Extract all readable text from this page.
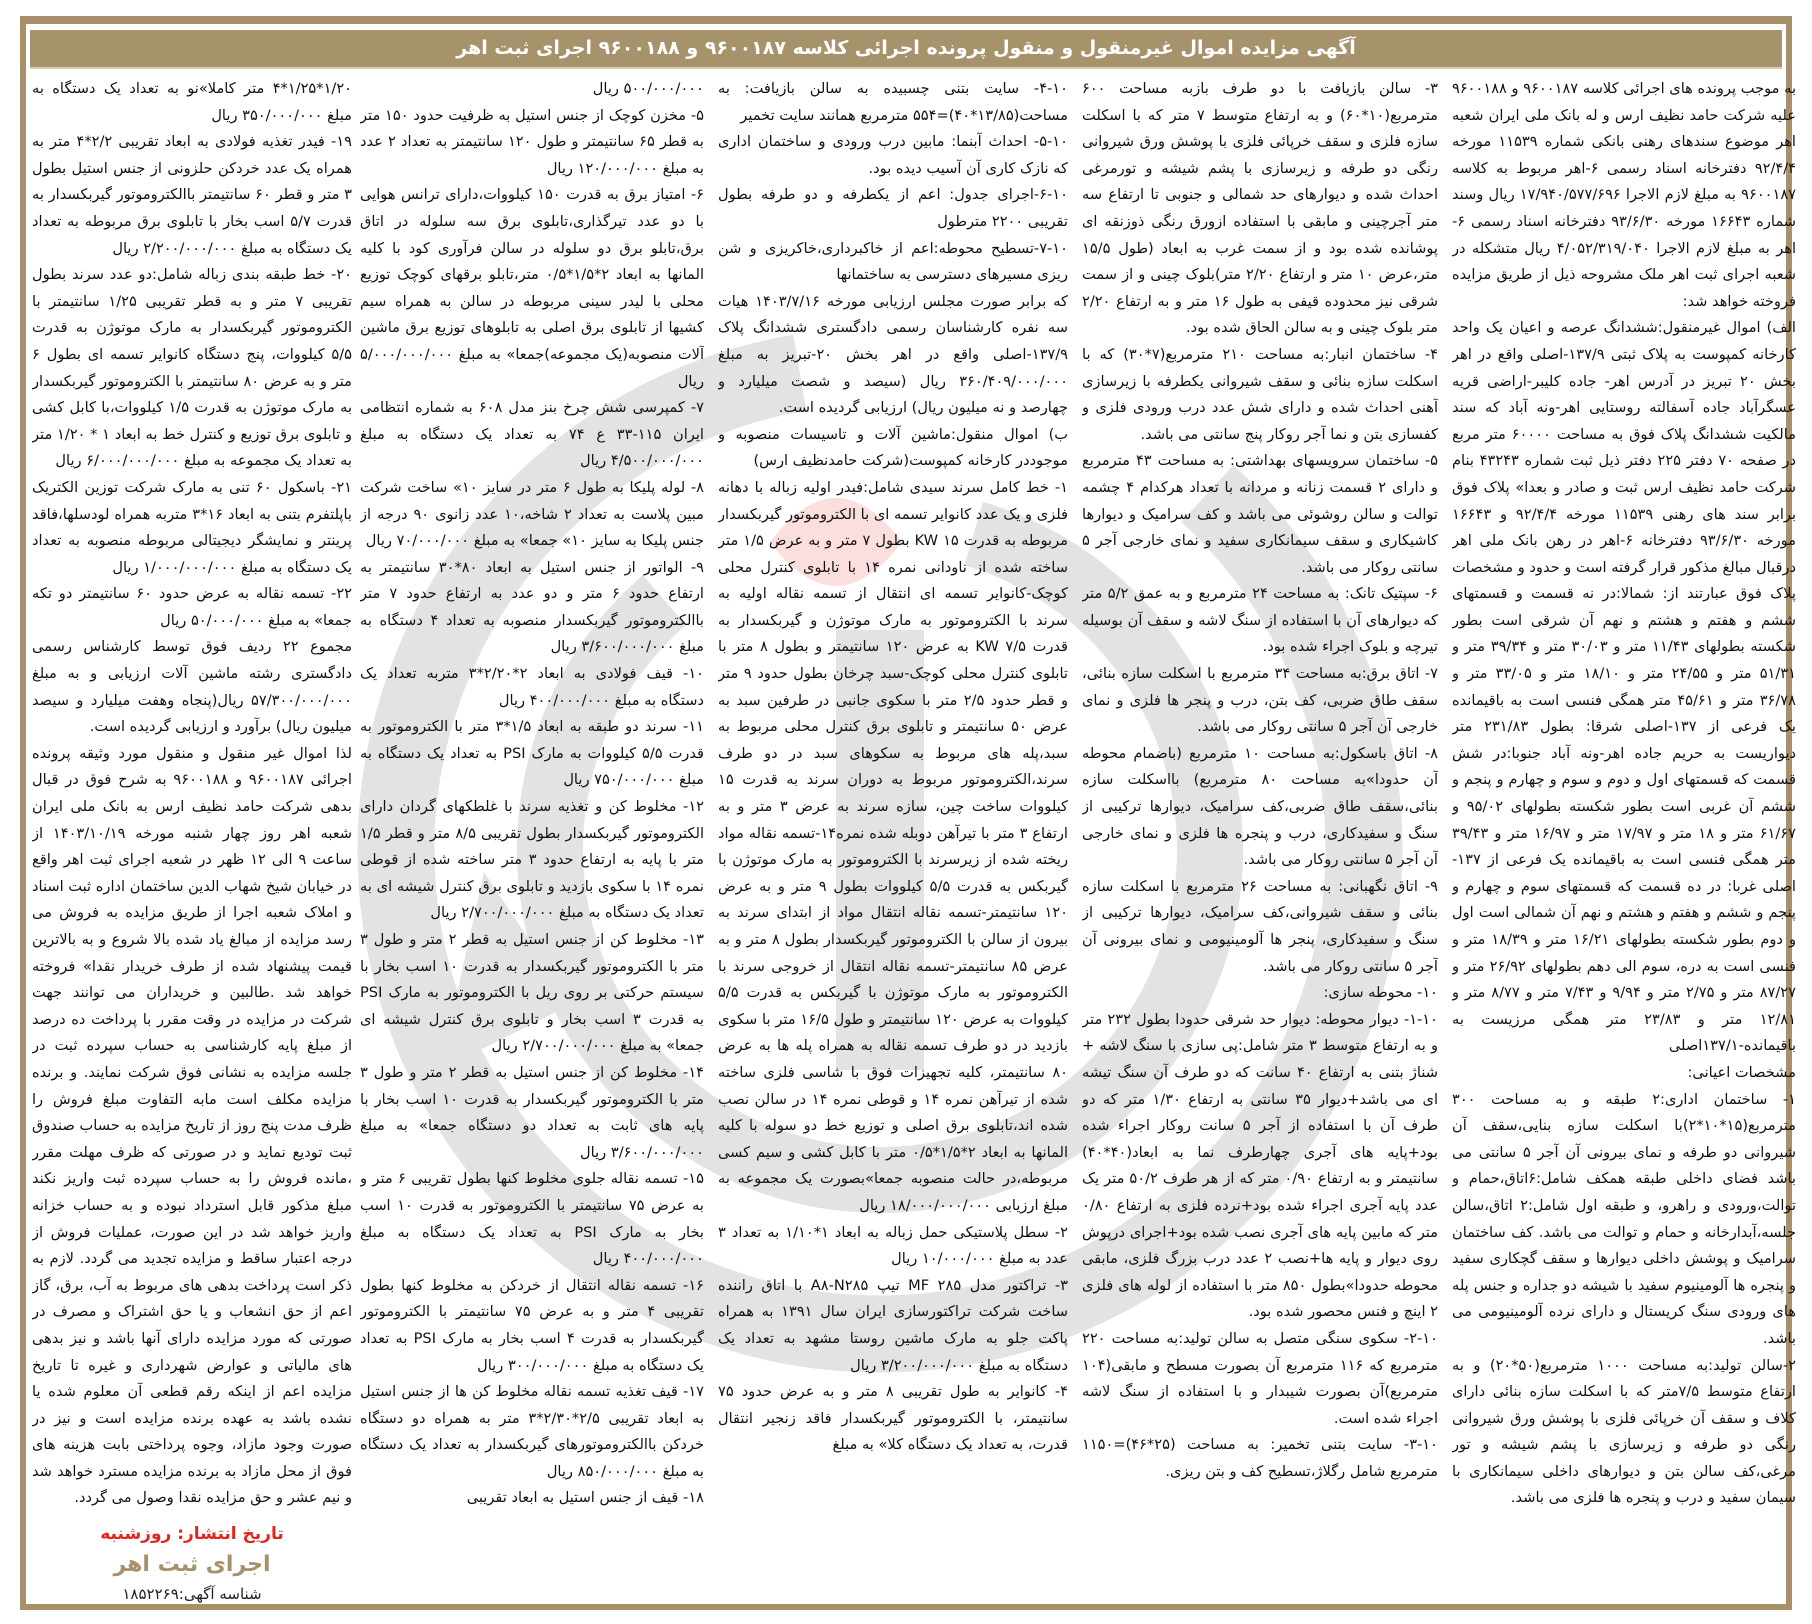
آگهی مزایده اموال غیرمنقول و منقول پرونده اجرائی کلاسه ۹۶۰۰۱۸۷ و ۹۶۰۰۱۸۸ اجرای ثبت اهر

به موجب پرونده های اجرائی کلاسه ۹۶۰۰۱۸۷ و ۹۶۰۰۱۸۸ علیه شرکت حامد نظیف ارس و له بانک ملی ایران شعبه اهر موضوع سندهای رهنی بانکی شماره ۱۱۵۳۹ مورخه ۹۲/۴/۴ دفترخانه اسناد رسمی ۶-اهر مربوط به کلاسه ۹۶۰۰۱۸۷ به مبلغ لازم الاجرا ۱۷/۹۴۰/۵۷۷/۶۹۶ ریال وسند شماره ۱۶۶۴۳ مورخه ۹۳/۶/۳۰ دفترخانه اسناد رسمی ۶-اهر به مبلغ لازم الاجرا ۴/۰۵۲/۳۱۹/۰۴۰ ریال متشکله در شعبه اجرای ثبت اهر ملک مشروحه ذیل از طریق مزایده فروخته خواهد شد:

الف) اموال غیرمنقول:ششدانگ عرصه و اعیان یک واحد کارخانه کمپوست به پلاک ثبتی ۱۳۷/۹-اصلی واقع در اهر بخش ۲۰ تبریز در آدرس اهر- جاده کلیبر-اراضی قریه عسگرآباد جاده آسفالته روستایی اهر-ونه آباد که سند مالکیت ششدانگ پلاک فوق به مساحت ۶۰۰۰۰ متر مربع در صفحه ۷۰ دفتر ۲۲۵ دفتر ذیل ثبت شماره ۴۳۲۴۳ بنام شرکت حامد نظیف ارس ثبت و صادر و بعدا» پلاک فوق برابر سند های رهنی ۱۱۵۳۹ مورخه ۹۲/۴/۴ و ۱۶۶۴۳ مورخه ۹۳/۶/۳۰ دفترخانه ۶-اهر در رهن بانک ملی اهر درقبال مبالغ مذکور قرار گرفته است و حدود و مشخصات پلاک فوق عبارتند از: شمالا:در نه قسمت و قسمتهای ششم و هفتم و هشتم و نهم آن شرقی است بطور شکسته بطولهای ۱۱/۴۳ متر و ۳۰/۰۳ متر و ۳۹/۳۴ متر و ۵۱/۳۱ متر و ۲۴/۵۵ متر و ۱۸/۱۰ متر و ۳۳/۰۵ متر و ۳۶/۷۸ متر و ۴۵/۶۱ متر همگی فنسی است به باقیمانده یک فرعی از ۱۳۷-اصلی شرقا: بطول ۲۳۱/۸۳ متر دیواریست به حریم جاده اهر-ونه آباد جنوبا:در شش قسمت که قسمتهای اول و دوم و سوم و چهارم و پنجم و ششم آن غربی است بطور شکسته بطولهای ۹۵/۰۲ و ۶۱/۶۷ متر و ۱۸ متر و ۱۷/۹۷ متر و ۱۶/۹۷ متر و ۳۹/۴۳ متر همگی فنسی است به باقیمانده یک فرعی از ۱۳۷-اصلی غربا: در ده قسمت که قسمتهای سوم و چهارم و پنجم و ششم و هفتم و هشتم و نهم آن شمالی است اول و دوم بطور شکسته بطولهای ۱۶/۲۱ متر و ۱۸/۳۹ متر و فنسی است به دره، سوم الی دهم بطولهای ۲۶/۹۲ متر و ۸۷/۲۷ متر و ۲/۷۵ متر و ۹/۹۴ و ۷/۴۳ متر و ۸/۷۷ متر و ۱۲/۸۱ متر و ۲۳/۸۳ متر همگی مرزیست به باقیمانده-۱۳۷/۱اصلی

مشخصات اعیانی:

۱- ساختمان اداری:۲ طبقه و به مساحت ۳۰۰ مترمربع(۱۵*۱۰*۲)با اسکلت سازه بنایی،سقف آن شیروانی دو طرفه و نمای بیرونی آن آجر ۵ سانتی می باشد فضای داخلی طبقه همکف شامل:۶اتاق،حمام و توالت،ورودی و راهرو، و طبقه اول شامل:۲ اتاق،سالن جلسه،آبدارخانه و حمام و توالت می باشد. کف ساختمان سرامیک و پوشش داخلی دیوارها و سقف گچکاری سفید و پنجره ها آلومینیوم سفید با شیشه دو جداره و جنس پله های ورودی سنگ کریستال و دارای نرده آلومینیومی می باشد.

۲-سالن تولید:به مساحت ۱۰۰۰ مترمربع(۵۰*۲۰) و به ارتفاع متوسط ۷/۵متر که با اسکلت سازه بنائی دارای کلاف و سقف آن خرپائی فلزی با پوشش ورق شیروانی رنگی دو طرفه و زیرسازی با پشم شیشه و تور مرغی،کف سالن بتن و دیوارهای داخلی سیمانکاری با سیمان سفید و درب و پنجره ها فلزی می باشد.

۳- سالن بازیافت با دو طرف بازبه مساحت ۶۰۰ مترمربع(۱۰*۶۰) و به ارتفاع متوسط ۷ متر که با اسکلت سازه فلزی و سقف خرپائی فلزی با پوشش ورق شیروانی رنگی دو طرفه و زیرسازی با پشم شیشه و تورمرغی احداث شده و دیوارهای حد شمالی و جنوبی تا ارتفاع سه متر آجرچینی و مابقی با استفاده ازورق رنگی ذوزنقه ای پوشانده شده بود و از سمت غرب به ابعاد (طول ۱۵/۵ متر،عرض ۱۰ متر و ارتفاع ۲/۲۰ متر)بلوک چینی و از سمت شرقی نیز محدوده قیفی به طول ۱۶ متر و به ارتفاع ۲/۲۰ متر بلوک چینی و به سالن الحاق شده بود.

۴- ساختمان انبار:به مساحت ۲۱۰ مترمربع(۷*۳۰) که با اسکلت سازه بنائی و سقف شیروانی یکطرفه با زیرسازی آهنی احداث شده و دارای شش عدد درب ورودی فلزی و کفسازی بتن و نما آجر روکار پنج سانتی می باشد.

۵- ساختمان سرویسهای بهداشتی: به مساحت ۴۳ مترمربع و دارای ۲ قسمت زنانه و مردانه با تعداد هرکدام ۴ چشمه توالت و سالن روشوئی می باشد و کف سرامیک و دیوارها کاشیکاری و سقف سیمانکاری سفید و نمای خارجی آجر ۵ سانتی روکار می باشد.

۶- سپتیک تانک: به مساحت ۲۴ مترمربع و به عمق ۵/۲ متر که دیوارهای آن با استفاده از سنگ لاشه و سقف آن بوسیله تیرچه و بلوک اجراء شده بود.

۷- اتاق برق:به مساحت ۳۴ مترمربع با اسکلت سازه بنائی، سقف طاق ضربی، کف بتن، درب و پنجر ها فلزی و نمای خارجی آن آجر ۵ سانتی روکار می باشد.

۸- اتاق باسکول:به مساحت ۱۰ مترمربع (باضمام محوطه آن حدودا»به مساحت ۸۰ مترمربع) بااسکلت سازه بنائی،سقف طاق ضربی،کف سرامیک، دیوارها ترکیبی از سنگ و سفیدکاری، درب و پنجره ها فلزی و نمای خارجی آن آجر ۵ سانتی روکار می باشد.

۹- اتاق نگهبانی: به مساحت ۲۶ مترمربع با اسکلت سازه بنائی و سقف شیروانی،کف سرامیک، دیوارها ترکیبی از سنگ و سفیدکاری، پنجر ها آلومینیومی و نمای بیرونی آن آجر ۵ سانتی روکار می باشد.

۱۰- محوطه سازی:

۱-۱۰- دیوار محوطه: دیوار حد شرقی حدودا بطول ۲۳۲ متر و به ارتفاع متوسط ۳ متر شامل:پی سازی با سنگ لاشه + شناژ بتنی به ارتفاع ۴۰ سانت که دو طرف آن سنگ تیشه ای می باشد+دیوار ۳۵ سانتی به ارتفاع ۱/۳۰ متر که دو طرف آن با استفاده از آجر ۵ سانت روکار اجراء شده بود+پایه های آجری چهارطرف نما به ابعاد(۴۰*۴۰) سانتیمتر و به ارتفاع ۰/۹۰ متر که از هر طرف ۵۰/۲ متر یک عدد پایه آجری اجراء شده بود+نرده فلزی به ارتفاع ۰/۸۰ متر که مابین پایه های آجری نصب شده بود+اجرای درپوش روی دیوار و پایه ها+نصب ۲ عدد درب بزرگ فلزی، مابقی محوطه حدودا»بطول ۸۵۰ متر با استفاده از لوله های فلزی ۲ اینچ و فنس محصور شده بود.

۲-۱۰- سکوی سنگی متصل به سالن تولید:به مساحت ۲۲۰ مترمربع که ۱۱۶ مترمربع آن بصورت مسطح و مابقی(۱۰۴ مترمربع)آن بصورت شیبدار و با استفاده از سنگ لاشه اجراء شده است.

۳-۱۰- سایت بتنی تخمیر: به مساحت (۲۵*۴۶)=۱۱۵۰ مترمربع شامل رگلاژ،تسطیح کف و بتن ریزی.

۴-۱۰- سایت بتنی چسبیده به سالن بازیافت: به مساحت(۱۳/۸۵*۴۰)=۵۵۴ مترمربع همانند سایت تخمیر

۵-۱۰- احداث آبنما: مابین درب ورودی و ساختمان اداری که نازک کاری آن آسیب دیده بود.

۶-۱۰-اجرای جدول: اعم از یکطرفه و دو طرفه بطول تقریبی ۲۲۰۰ مترطول

۷-۱۰-تسطیح محوطه:اعم از خاکبرداری،خاکریزی و شن ریزی مسیرهای دسترسی به ساختمانها

که برابر صورت مجلس ارزیابی مورخه ۱۴۰۳/۷/۱۶ هیات سه نفره کارشناسان رسمی دادگستری ششدانگ پلاک ۱۳۷/۹-اصلی واقع در اهر بخش ۲۰-تبریز به مبلغ ۳۶۰/۴۰۹/۰۰۰/۰۰۰ ریال (سیصد و شصت میلیارد و چهارصد و نه میلیون ریال) ارزیابی گردیده است.

ب) اموال منقول:ماشین آلات و تاسیسات منصوبه و موجوددر کارخانه کمپوست(شرکت حامدنظیف ارس)

۱- خط کامل سرند سیدی شامل:فیدر اولیه زباله با دهانه فلزی و یک عدد کانوایر تسمه ای با الکتروموتور گیربکسدار مربوطه به قدرت KW ۱۵ بطول ۷ متر و به عرض ۱/۵ متر ساخته شده از ناودانی نمره ۱۴ با تابلوی کنترل محلی کوچک-کانوایر تسمه ای انتقال از تسمه نقاله اولیه به سرند با الکتروموتور به مارک موتوژن و گیربکسدار به قدرت KW ۷/۵ به عرض ۱۲۰ سانتیمتر و بطول ۸ متر با تابلوی کنترل محلی کوچک-سبد چرخان بطول حدود ۹ متر و قطر حدود ۲/۵ متر با سکوی جانبی در طرفین سبد به عرض ۵۰ سانتیمتر و تابلوی برق کنترل محلی مربوط به سبد،پله های مربوط به سکوهای سبد در دو طرف سرند،الکتروموتور مربوط به دوران سرند به قدرت ۱۵ کیلووات ساخت چین، سازه سرند به عرض ۳ متر و به ارتفاع ۳ متر با تیرآهن دوبله شده نمره۱۴-تسمه نقاله مواد ریخته شده از زیرسرند با الکتروموتور به مارک موتوژن با گیربکس به قدرت ۵/۵ کیلووات بطول ۹ متر و به عرض ۱۲۰ سانتیمتر-تسمه نقاله انتقال مواد از ابتدای سرند به بیرون از سالن با الکتروموتور گیربکسدار بطول ۸ متر و به عرض ۸۵ سانتیمتر-تسمه نقاله انتقال از خروجی سرند با الکتروموتور به مارک موتوژن با گیربکس به قدرت ۵/۵ کیلووات به عرض ۱۲۰ سانتیمتر و طول ۱۶/۵ متر با سکوی بازدید در دو طرف تسمه نقاله به همراه پله ها به عرض ۸۰ سانتیمتر، کلیه تجهیزات فوق با شاسی فلزی ساخته شده از تیرآهن نمره ۱۴ و قوطی نمره ۱۴ در سالن نصب شده اند،تابلوی برق اصلی و توزیع خط دو سوله با کلیه المانها به ابعاد ۲*۱/۵*۰/۵ متر با کابل کشی و سیم کسی مربوطه،در حالت منصوبه جمعا»بصورت یک مجموعه به مبلغ ارزیابی ۱۸/۰۰۰/۰۰۰/۰۰۰ ریال

۲- سطل پلاستیکی حمل زباله به ابعاد ۱*۱/۱۰ به تعداد ۳ عدد به مبلغ ۱۰/۰۰۰/۰۰۰ ریال

۳- تراکتور مدل ۲۸۵ MF تیپ A۸-N۲۸۵ با اتاق راننده ساخت شرکت تراکتورسازی ایران سال ۱۳۹۱ به همراه پاکت جلو به مارک ماشین روستا مشهد به تعداد یک دستگاه به مبلغ ۳/۲۰۰/۰۰۰/۰۰۰ ریال

۴- کانوایر به طول تقریبی ۸ متر و به عرض حدود ۷۵ سانتیمتر، با الکتروموتور گیربکسدار فاقد زنجیر انتقال قدرت، به تعداد یک دستگاه کلا» به مبلغ

۵۰۰/۰۰۰/۰۰۰ ریال

۵- مخزن کوچک از جنس استیل به ظرفیت حدود ۱۵۰ متر به قطر ۶۵ سانتیمتر و طول ۱۲۰ سانتیمتر به تعداد ۲ عدد به مبلغ ۱۲۰/۰۰۰/۰۰۰ ریال

۶- امتیاز برق به قدرت ۱۵۰ کیلووات،دارای ترانس هوایی با دو عدد تیرگذاری،تابلوی برق سه سلوله در اتاق برق،تابلو برق دو سلوله در سالن فرآوری کود با کلیه المانها به ابعاد ۲*۱/۵*۰/۵ متر،تابلو برقهای کوچک توزیع محلی با لیدر سینی مربوطه در سالن به همراه سیم کشیها از تابلوی برق اصلی به تابلوهای توزیع برق ماشین آلات منصوبه(یک مجموعه)جمعا» به مبلغ ۵/۰۰۰/۰۰۰/۰۰۰ ریال

۷- کمپرسی شش چرخ بنز مدل ۶۰۸ به شماره انتظامی ایران ۱۱۵-۳۳ ع ۷۴ به تعداد یک دستگاه به مبلغ ۴/۵۰۰/۰۰۰/۰۰۰ ریال

۸- لوله پلیکا به طول ۶ متر در سایز ۱۰» ساخت شرکت مبین پلاست به تعداد ۲ شاخه،۱۰ عدد زانوی ۹۰ درجه از جنس پلیکا به سایز ۱۰» جمعا» به مبلغ ۷۰/۰۰۰/۰۰۰ ریال

۹- الواتور از جنس استیل به ابعاد ۸۰*۳۰ سانتیمتر به ارتفاع حدود ۶ متر و دو عدد به ارتفاع حدود ۷ متر باالکتروموتور گیربکسدار منصوبه به تعداد ۴ دستگاه به مبلغ ۳/۶۰۰/۰۰۰/۰۰۰ ریال

۱۰- قیف فولادی به ابعاد ۲*۲/۲۰*۳ متربه تعداد یک دستگاه به مبلغ ۴۰۰/۰۰۰/۰۰۰ ریال

۱۱- سرند دو طبقه به ابعاد ۱/۵*۳ متر با الکتروموتور به قدرت ۵/۵ کیلووات به مارک PSI به تعداد یک دستگاه به مبلغ ۷۵۰/۰۰۰/۰۰۰ ریال

۱۲- مخلوط کن و تغذیه سرند با غلطکهای گردان دارای الکتروموتور گیربکسدار بطول تقریبی ۸/۵ متر و قطر ۱/۵ متر با پایه به ارتفاع حدود ۳ متر ساخته شده از قوطی نمره ۱۴ با سکوی بازدید و تابلوی برق کنترل شیشه ای به تعداد یک دستگاه به مبلغ ۲/۷۰۰/۰۰۰/۰۰۰ ریال

۱۳- مخلوط کن از جنس استیل به قطر ۲ متر و طول ۳ متر با الکتروموتور گیربکسدار به قدرت ۱۰ اسب بخار با سیستم حرکتی بر روی ریل با الکتروموتور به مارک PSI به قدرت ۳ اسب بخار و تابلوی برق کنترل شیشه ای جمعا» به مبلغ ۲/۷۰۰/۰۰۰/۰۰۰ ریال

۱۴- مخلوط کن از جنس استیل به قطر ۲ متر و طول ۳ متر با الکتروموتور گیربکسدار به قدرت ۱۰ اسب بخار با پایه های ثابت به تعداد دو دستگاه جمعا» به مبلغ ۳/۶۰۰/۰۰۰/۰۰۰ ریال

۱۵- تسمه نقاله جلوی مخلوط کنها بطول تقریبی ۶ متر و به عرض ۷۵ سانتیمتر با الکتروموتور به قدرت ۱۰ اسب بخار به مارک PSI به تعداد یک دستگاه به مبلغ ۴۰۰/۰۰۰/۰۰۰ ریال

۱۶- تسمه نقاله انتقال از خردکن به مخلوط کنها بطول تقریبی ۴ متر و به عرض ۷۵ سانتیمتر با الکتروموتور گیربکسدار به قدرت ۴ اسب بخار به مارک PSI به تعداد یک دستگاه به مبلغ ۳۰۰/۰۰۰/۰۰۰ ریال

۱۷- قیف تغذیه تسمه نقاله مخلوط کن ها از جنس استیل به ابعاد تقریبی ۲/۵*۲/۳۰*۳ متر به همراه دو دستگاه خردکن باالکتروموتورهای گیربکسدار به تعداد یک دستگاه به مبلغ ۸۵۰/۰۰۰/۰۰۰ ریال

۱۸- قیف از جنس استیل به ابعاد تقریبی

۱/۲۰*۱/۲۵*۴ متر کاملا»نو به تعداد یک دستگاه به مبلغ ۳۵۰/۰۰۰/۰۰۰ ریال

۱۹- فیدر تغذیه فولادی به ابعاد تقریبی ۲/۲*۴ متر به همراه یک عدد خردکن حلزونی از جنس استیل بطول ۳ متر و قطر ۶۰ سانتیمتر باالکتروموتور گیربکسدار به قدرت ۵/۷ اسب بخار با تابلوی برق مربوطه به تعداد یک دستگاه به مبلغ ۲/۲۰۰/۰۰۰/۰۰۰ ریال

۲۰- خط طبقه بندی زباله شامل:دو عدد سرند بطول تقریبی ۷ متر و به قطر تقریبی ۱/۲۵ سانتیمتر با الکتروموتور گیربکسدار به مارک موتوژن به قدرت ۵/۵ کیلووات، پنج دستگاه کانوایر تسمه ای بطول ۶ متر و به عرض ۸۰ سانتیمتر با الکتروموتور گیربکسدار به مارک موتوژن به قدرت ۱/۵ کیلووات،با کابل کشی و تابلوی برق توزیع و کنترل خط به ابعاد ۱ * ۱/۲۰ متر به تعداد یک مجموعه به مبلغ ۶/۰۰۰/۰۰۰/۰۰۰ ریال

۲۱- باسکول ۶۰ تنی به مارک شرکت توزین الکتریک باپلتفرم بتنی به ابعاد ۱۶*۳ متربه همراه لودسلها،فاقد پرینتر و نمایشگر دیجیتالی مربوطه منصوبه به تعداد یک دستگاه به مبلغ ۱/۰۰۰/۰۰۰/۰۰۰ ریال

۲۲- تسمه نقاله به عرض حدود ۶۰ سانتیمتر دو تکه جمعا» به مبلغ ۵۰/۰۰۰/۰۰۰ ریال

مجموع ۲۲ ردیف فوق توسط کارشناس رسمی دادگستری رشته ماشین آلات ارزیابی و به مبلغ ۵۷/۳۰۰/۰۰۰/۰۰۰ ریال(پنجاه وهفت میلیارد و سیصد میلیون ریال) برآورد و ارزیابی گردیده است.

لذا اموال غیر منقول و منقول مورد وثیقه پرونده اجرائی ۹۶۰۰۱۸۷ و ۹۶۰۰۱۸۸ به شرح فوق در قبال بدهی شرکت حامد نظیف ارس به بانک ملی ایران شعبه اهر روز چهار شنبه مورخه ۱۴۰۳/۱۰/۱۹ از ساعت ۹ الی ۱۲ ظهر در شعبه اجرای ثبت اهر واقع در خیابان شیخ شهاب الدین ساختمان اداره ثبت اسناد و املاک شعبه اجرا از طریق مزایده به فروش می رسد مزایده از مبالغ یاد شده بالا شروع و به بالاترین قیمت پیشنهاد شده از طرف خریدار نقدا» فروخته خواهد شد .طالبین و خریداران می توانند جهت شرکت در مزایده در وقت مقرر با پرداخت ده درصد از مبلغ پایه کارشناسی به حساب سپرده ثبت در جلسه مزایده به نشانی فوق شرکت نمایند. و برنده مزایده مکلف است مابه التفاوت مبلغ فروش را ظرف مدت پنج روز از تاریخ مزایده به حساب صندوق ثبت تودیع نماید و در صورتی که ظرف مهلت مقرر ،مانده فروش را به حساب سپرده ثبت واریز نکند مبلغ مذکور قابل استرداد نبوده و به حساب خزانه واریز خواهد شد در این صورت، عملیات فروش از درجه اعتبار ساقط و مزایده تجدید می گردد. لازم به ذکر است پرداخت بدهی های مربوط به آب، برق، گاز اعم از حق انشعاب و یا حق اشتراک و مصرف در صورتی که مورد مزایده دارای آنها باشد و نیز بدهی های مالیاتی و عوارض شهرداری و غیره تا تاریخ مزایده اعم از اینکه رقم قطعی آن معلوم شده یا نشده باشد به عهده برنده مزایده است و نیز در صورت وجود مازاد، وجوه پرداختی بابت هزینه های فوق از محل مازاد به برنده مزایده مسترد خواهد شد و نیم عشر و حق مزایده نقدا وصول می گردد.

تاریخ انتشار: روزشنبه
اجرای ثبت اهر
شناسه آگهی:۱۸۵۲۲۶۹
